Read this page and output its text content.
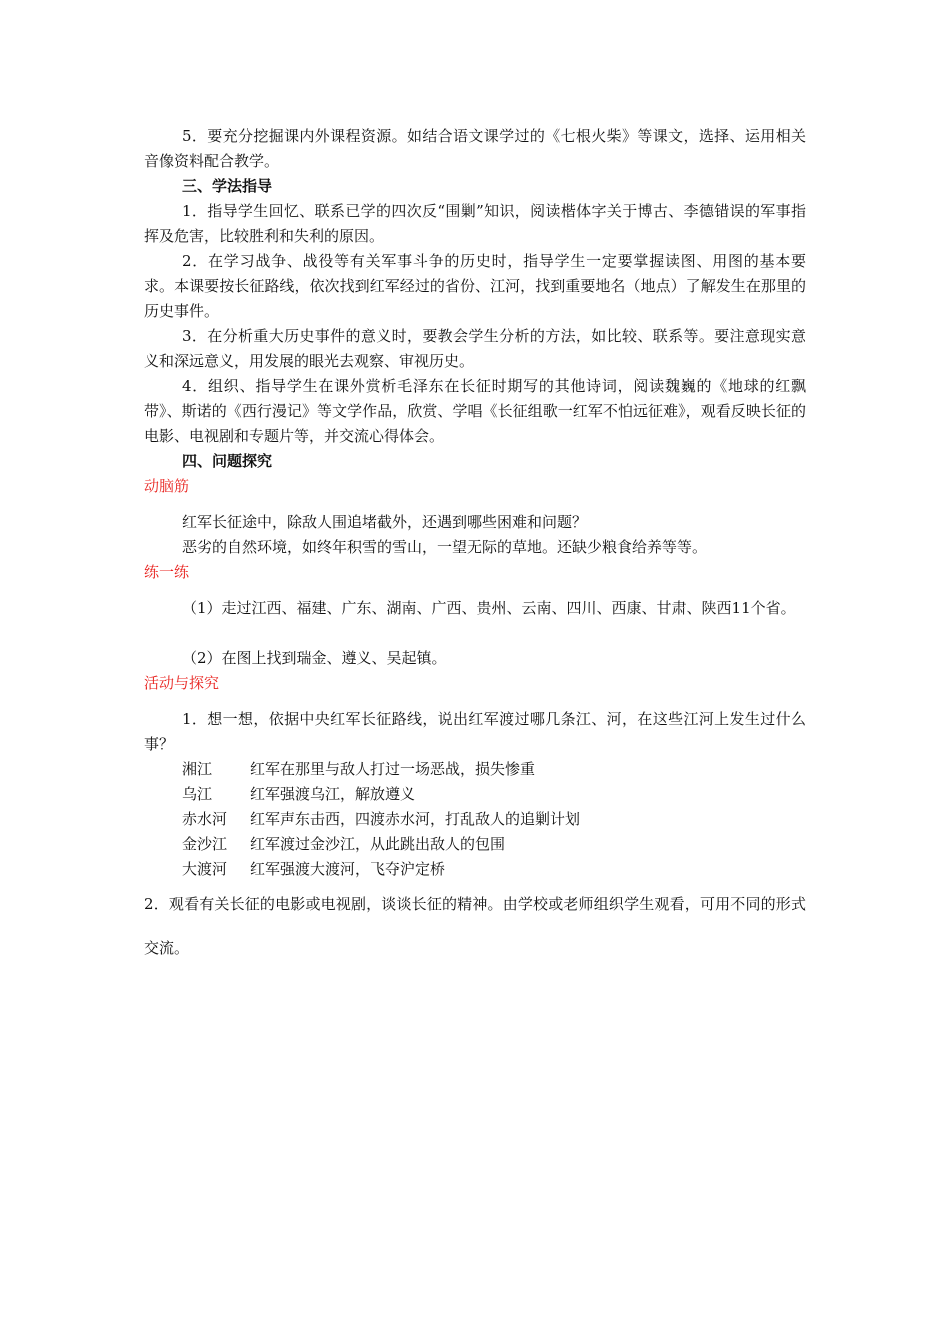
5．要充分挖掘课内外课程资源。如结合语文课学过的《七根火柴》等课文，选择、运用相关音像资料配合教学。
三、学法指导
1．指导学生回忆、联系已学的四次反“围剿”知识，阅读楷体字关于博古、李德错误的军事指挥及危害，比较胜利和失利的原因。
2．在学习战争、战役等有关军事斗争的历史时，指导学生一定要掌握读图、用图的基本要求。本课要按长征路线，依次找到红军经过的省份、江河，找到重要地名（地点）了解发生在那里的历史事件。
3．在分析重大历史事件的意义时，要教会学生分析的方法，如比较、联系等。要注意现实意义和深远意义，用发展的眼光去观察、审视历史。
4．组织、指导学生在课外赏析毛泽东在长征时期写的其他诗词，阅读魏巍的《地球的红飘带》、斯诺的《西行漫记》等文学作品，欣赏、学唱《长征组歌一红军不怕远征难》，观看反映长征的电影、电视剧和专题片等，并交流心得体会。
四、问题探究
动脑筋
红军长征途中，除敌人围追堵截外，还遇到哪些困难和问题？
恶劣的自然环境，如终年积雪的雪山，一望无际的草地。还缺少粮食给养等等。
练一练
（1）走过江西、福建、广东、湖南、广西、贵州、云南、四川、西康、甘肃、陕西11个省。
（2）在图上找到瑞金、遵义、吴起镇。
活动与探究
1．想一想，依据中央红军长征路线，说出红军渡过哪几条江、河，在这些江河上发生过什么事？
湘江	红军在那里与敌人打过一场恶战，损失惨重
乌江	红军强渡乌江，解放遵义
赤水河 红军声东击西，四渡赤水河，打乱敌人的追剿计划
金沙江 红军渡过金沙江，从此跳出敌人的包围
大渡河 红军强渡大渡河，飞夺沪定桥
2．观看有关长征的电影或电视剧，谈谈长征的精神。由学校或老师组织学生观看，可用不同的形式交流。
